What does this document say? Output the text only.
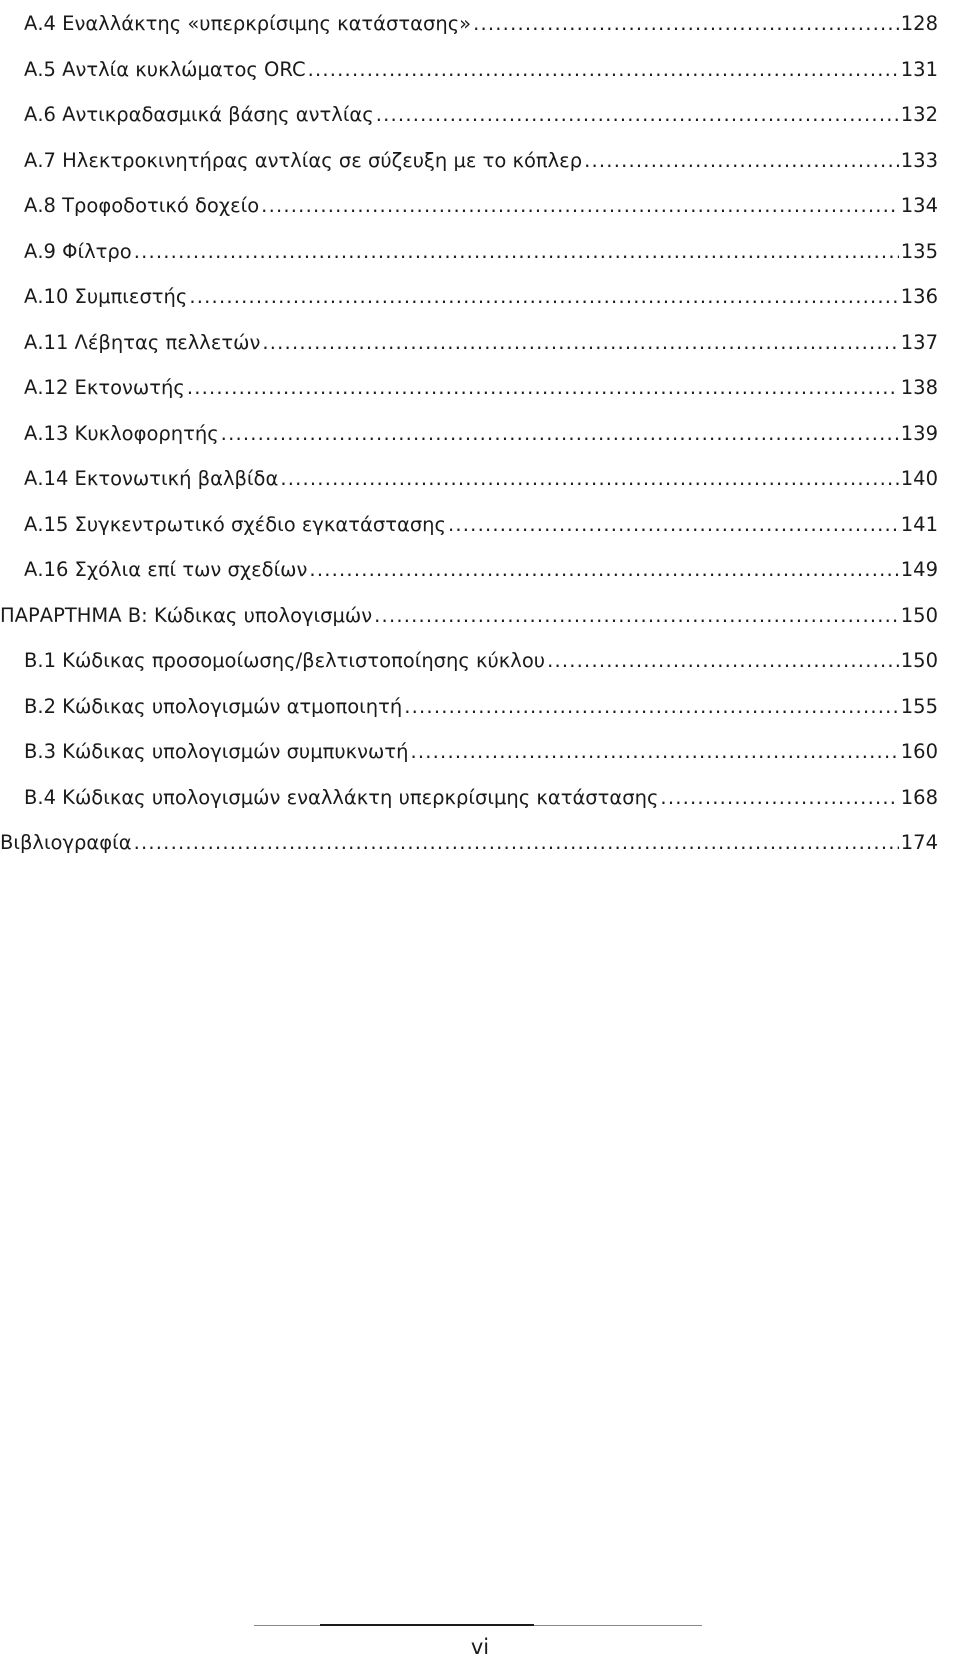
Α.4 Εναλλάκτης «υπερκρίσιμης κατάστασης» .....	128
Α.5 Αντλία κυκλώματος ORC .....	131
Α.6 Αντικραδασμικά βάσης αντλίας .....	132
Α.7 Ηλεκτροκινητήρας αντλίας σε σύζευξη με το κόπλερ .....	133
Α.8 Τροφοδοτικό δοχείο .....	134
Α.9 Φίλτρο .....	135
Α.10 Συμπιεστής .....	136
Α.11 Λέβητας πελλετών .....	137
Α.12 Εκτονωτής .....	138
Α.13 Κυκλοφορητής .....	139
Α.14 Εκτονωτική βαλβίδα .....	140
Α.15 Συγκεντρωτικό σχέδιο εγκατάστασης .....	141
Α.16 Σχόλια επί των σχεδίων .....	149
ΠΑΡΑΡΤΗΜΑ Β: Κώδικας υπολογισμών .....	150
Β.1 Κώδικας προσομοίωσης/βελτιστοποίησης κύκλου .....	150
Β.2 Κώδικας υπολογισμών ατμοποιητή .....	155
Β.3 Κώδικας υπολογισμών συμπυκνωτή .....	160
Β.4 Κώδικας υπολογισμών εναλλάκτη υπερκρίσιμης κατάστασης .....	168
Βιβλιογραφία .....	174
vi
